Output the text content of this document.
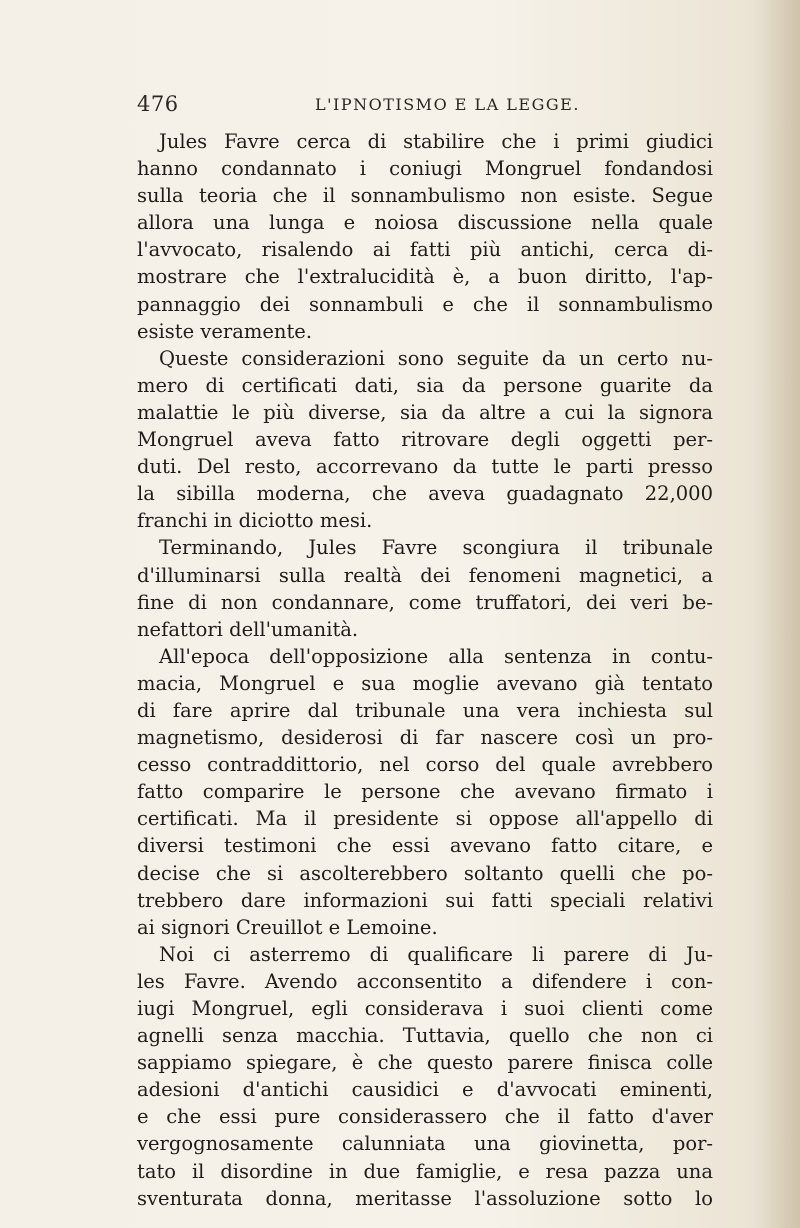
476	L'IPNOTISMO E LA LEGGE.
Jules Favre cerca di stabilire che i primi giudici
hanno condannato i coniugi Mongruel fondandosi
sulla teoria che il sonnambulismo non esiste. Segue
allora una lunga e noiosa discussione nella quale
l'avvocato, risalendo ai fatti più antichi, cerca di-
mostrare che l'extralucidità è, a buon diritto, l'ap-
pannaggio dei sonnambuli e che il sonnambulismo
esiste veramente.
Queste considerazioni sono seguite da un certo nu-
mero di certificati dati, sia da persone guarite da
malattie le più diverse, sia da altre a cui la signora
Mongruel aveva fatto ritrovare degli oggetti per-
duti. Del resto, accorrevano da tutte le parti presso
la sibilla moderna, che aveva guadagnato 22,000
franchi in diciotto mesi.
Terminando, Jules Favre scongiura il tribunale
d'illuminarsi sulla realtà dei fenomeni magnetici, a
fine di non condannare, come truffatori, dei veri be-
nefattori dell'umanità.
All'epoca dell'opposizione alla sentenza in contu-
macia, Mongruel e sua moglie avevano già tentato
di fare aprire dal tribunale una vera inchiesta sul
magnetismo, desiderosi di far nascere così un pro-
cesso contraddittorio, nel corso del quale avrebbero
fatto comparire le persone che avevano firmato i
certificati. Ma il presidente si oppose all'appello di
diversi testimoni che essi avevano fatto citare, e
decise che si ascolterebbero soltanto quelli che po-
trebbero dare informazioni sui fatti speciali relativi
ai signori Creuillot e Lemoine.
Noi ci asterremo di qualificare li parere di Ju-
les Favre. Avendo acconsentito a difendere i con-
iugi Mongruel, egli considerava i suoi clienti come
agnelli senza macchia. Tuttavia, quello che non ci
sappiamo spiegare, è che questo parere finisca colle
adesioni d'antichi causidici e d'avvocati eminenti,
e che essi pure considerassero che il fatto d'aver
vergognosamente calunniata una giovinetta, por-
tato il disordine in due famiglie, e resa pazza una
sventurata donna, meritasse l'assoluzione sotto lo
